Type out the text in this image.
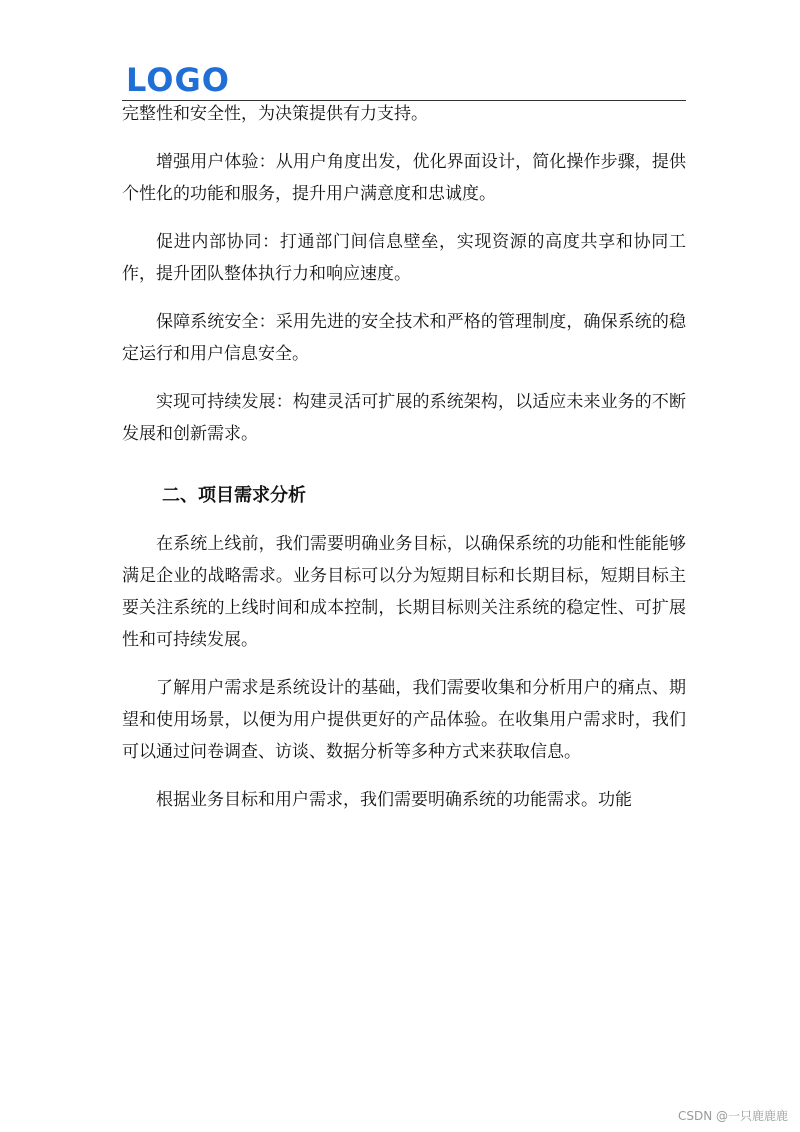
LOGO

完整性和安全性，为决策提供有力支持。

增强用户体验：从用户角度出发，优化界面设计，简化操作步骤，提供个性化的功能和服务，提升用户满意度和忠诚度。

促进内部协同：打通部门间信息壁垒，实现资源的高度共享和协同工作，提升团队整体执行力和响应速度。

保障系统安全：采用先进的安全技术和严格的管理制度，确保系统的稳定运行和用户信息安全。

实现可持续发展：构建灵活可扩展的系统架构，以适应未来业务的不断发展和创新需求。

二、项目需求分析

在系统上线前，我们需要明确业务目标，以确保系统的功能和性能能够满足企业的战略需求。业务目标可以分为短期目标和长期目标，短期目标主要关注系统的上线时间和成本控制，长期目标则关注系统的稳定性、可扩展性和可持续发展。

了解用户需求是系统设计的基础，我们需要收集和分析用户的痛点、期望和使用场景，以便为用户提供更好的产品体验。在收集用户需求时，我们可以通过问卷调查、访谈、数据分析等多种方式来获取信息。

根据业务目标和用户需求，我们需要明确系统的功能需求。功能

CSDN @一只鹿鹿鹿
